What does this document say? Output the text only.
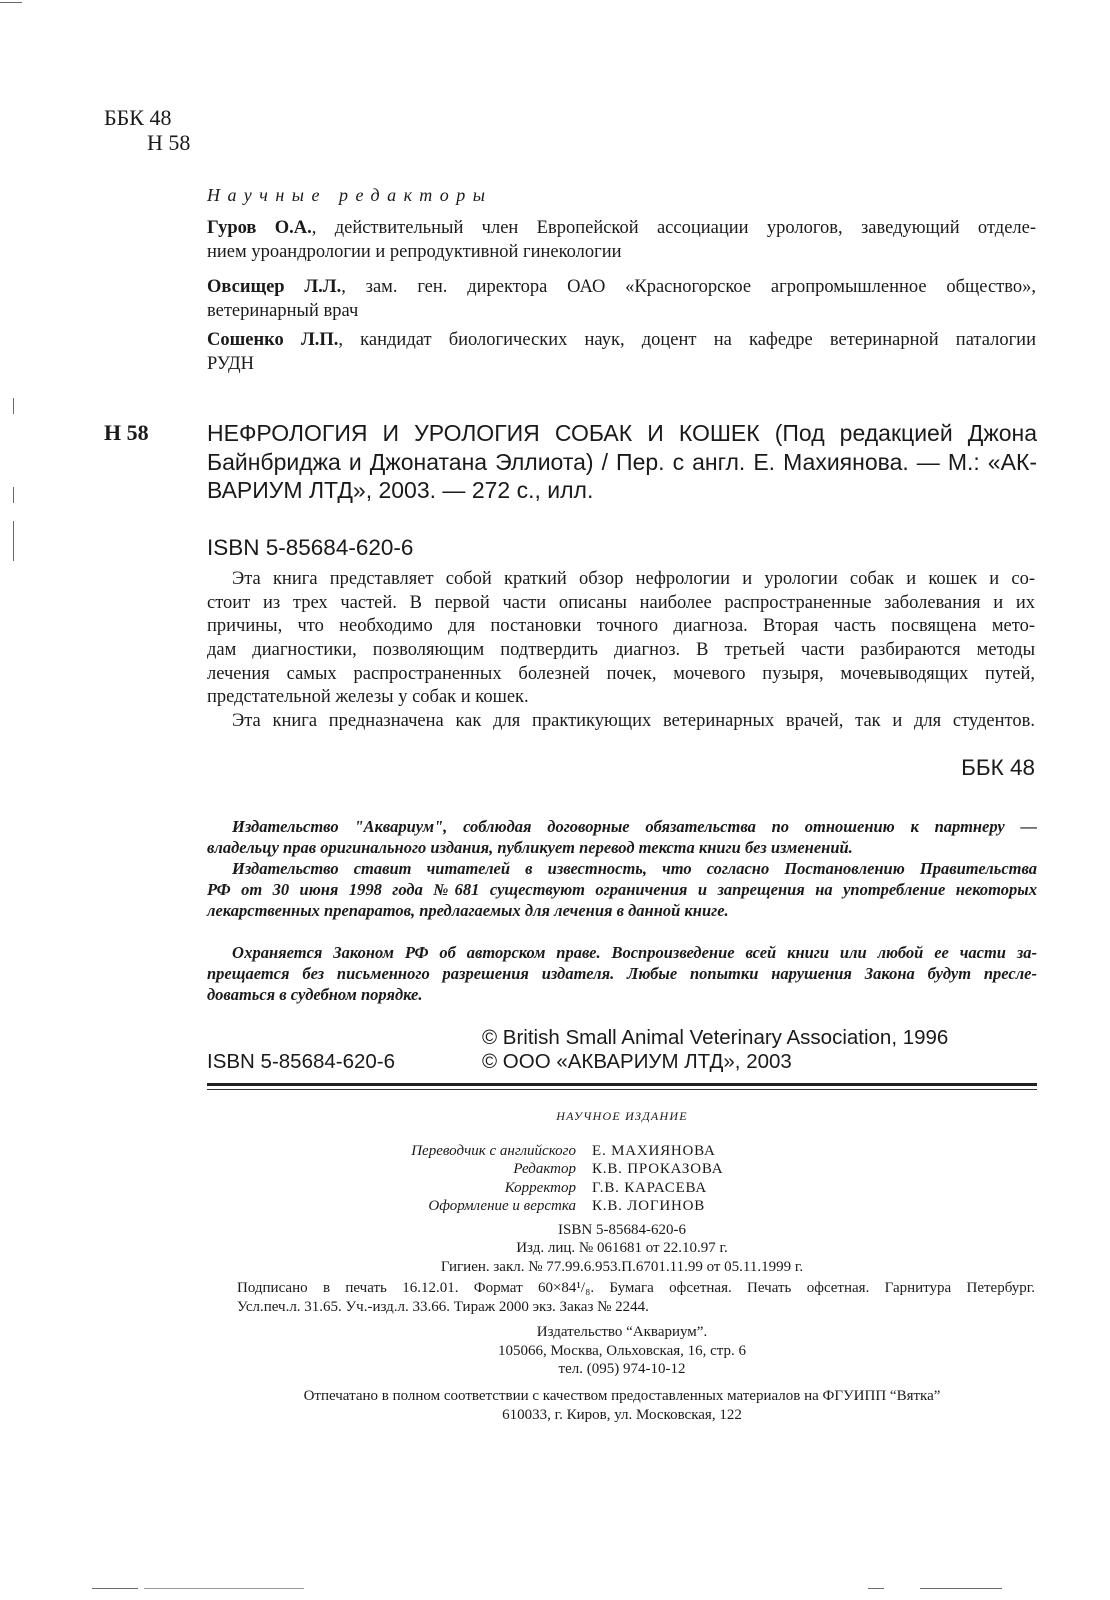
ББК 48
Н 58
Научные редакторы
Гуров О.А., действительный член Европейской ассоциации урологов, заведующий отделе-
нием уроандрологии и репродуктивной гинекологии
Овсищер Л.Л., зам. ген. директора ОАО «Красногорское агропромышленное общество»,
ветеринарный врач
Сошенко Л.П., кандидат биологических наук, доцент на кафедре ветеринарной паталогии
РУДН
Н 58	НЕФРОЛОГИЯ И УРОЛОГИЯ СОБАК И КОШЕК (Под редакцией Джона
Байнбриджа и Джонатана Эллиота) / Пер. с англ. Е. Махиянова. — М.: «АК-
ВАРИУМ ЛТД», 2003. — 272 с., илл.
ISBN 5-85684-620-6
Эта книга представляет собой краткий обзор нефрологии и урологии собак и кошек и со-
стоит из трех частей. В первой части описаны наиболее распространенные заболевания и их
причины, что необходимо для постановки точного диагноза. Вторая часть посвящена мето-
дам диагностики, позволяющим подтвердить диагноз. В третьей части разбираются методы
лечения самых распространенных болезней почек, мочевого пузыря, мочевыводящих путей,
предстательной железы у собак и кошек.
Эта книга предназначена как для практикующих ветеринарных врачей, так и для студентов.
ББК 48
Издательство "Аквариум", соблюдая договорные обязательства по отношению к партнеру —
владельцу прав оригинального издания, публикует перевод текста книги без изменений.
Издательство ставит читателей в известность, что согласно Постановлению Правительства
РФ от 30 июня 1998 года №681 существуют ограничения и запрещения на употребление некоторых
лекарственных препаратов, предлагаемых для лечения в данной книге.
Охраняется Законом РФ об авторском праве. Воспроизведение всей книги или любой ее части за-
прещается без письменного разрешения издателя. Любые попытки нарушения Закона будут пресле-
доваться в судебном порядке.
© British Small Animal Veterinary Association, 1996
ISBN 5-85684-620-6	© ООО «АКВАРИУМ ЛТД», 2003
НАУЧНОЕ ИЗДАНИЕ
Переводчик с английского Е. МАХИЯНОВА
Редактор К.В. ПРОКАЗОВА
Корректор Г.В. КАРАСЕВА
Оформление и верстка К.В. ЛОГИНОВ
ISBN 5-85684-620-6
Изд. лиц. № 061681 от 22.10.97 г.
Гигиен. закл. № 77.99.6.953.П.6701.11.99 от 05.11.1999 г.
Подписано в печать 16.12.01. Формат 60×84¹/₈. Бумага офсетная. Печать офсетная. Гарнитура Петербург.
Усл.печ.л. 31.65. Уч.-изд.л. 33.66. Тираж 2000 экз. Заказ № 2244.
Издательство “Аквариум”.
105066, Москва, Ольховская, 16, стр. 6
тел. (095) 974-10-12
Отпечатано в полном соответствии с качеством предоставленных материалов на ФГУИПП “Вятка”
610033, г. Киров, ул. Московская, 122
